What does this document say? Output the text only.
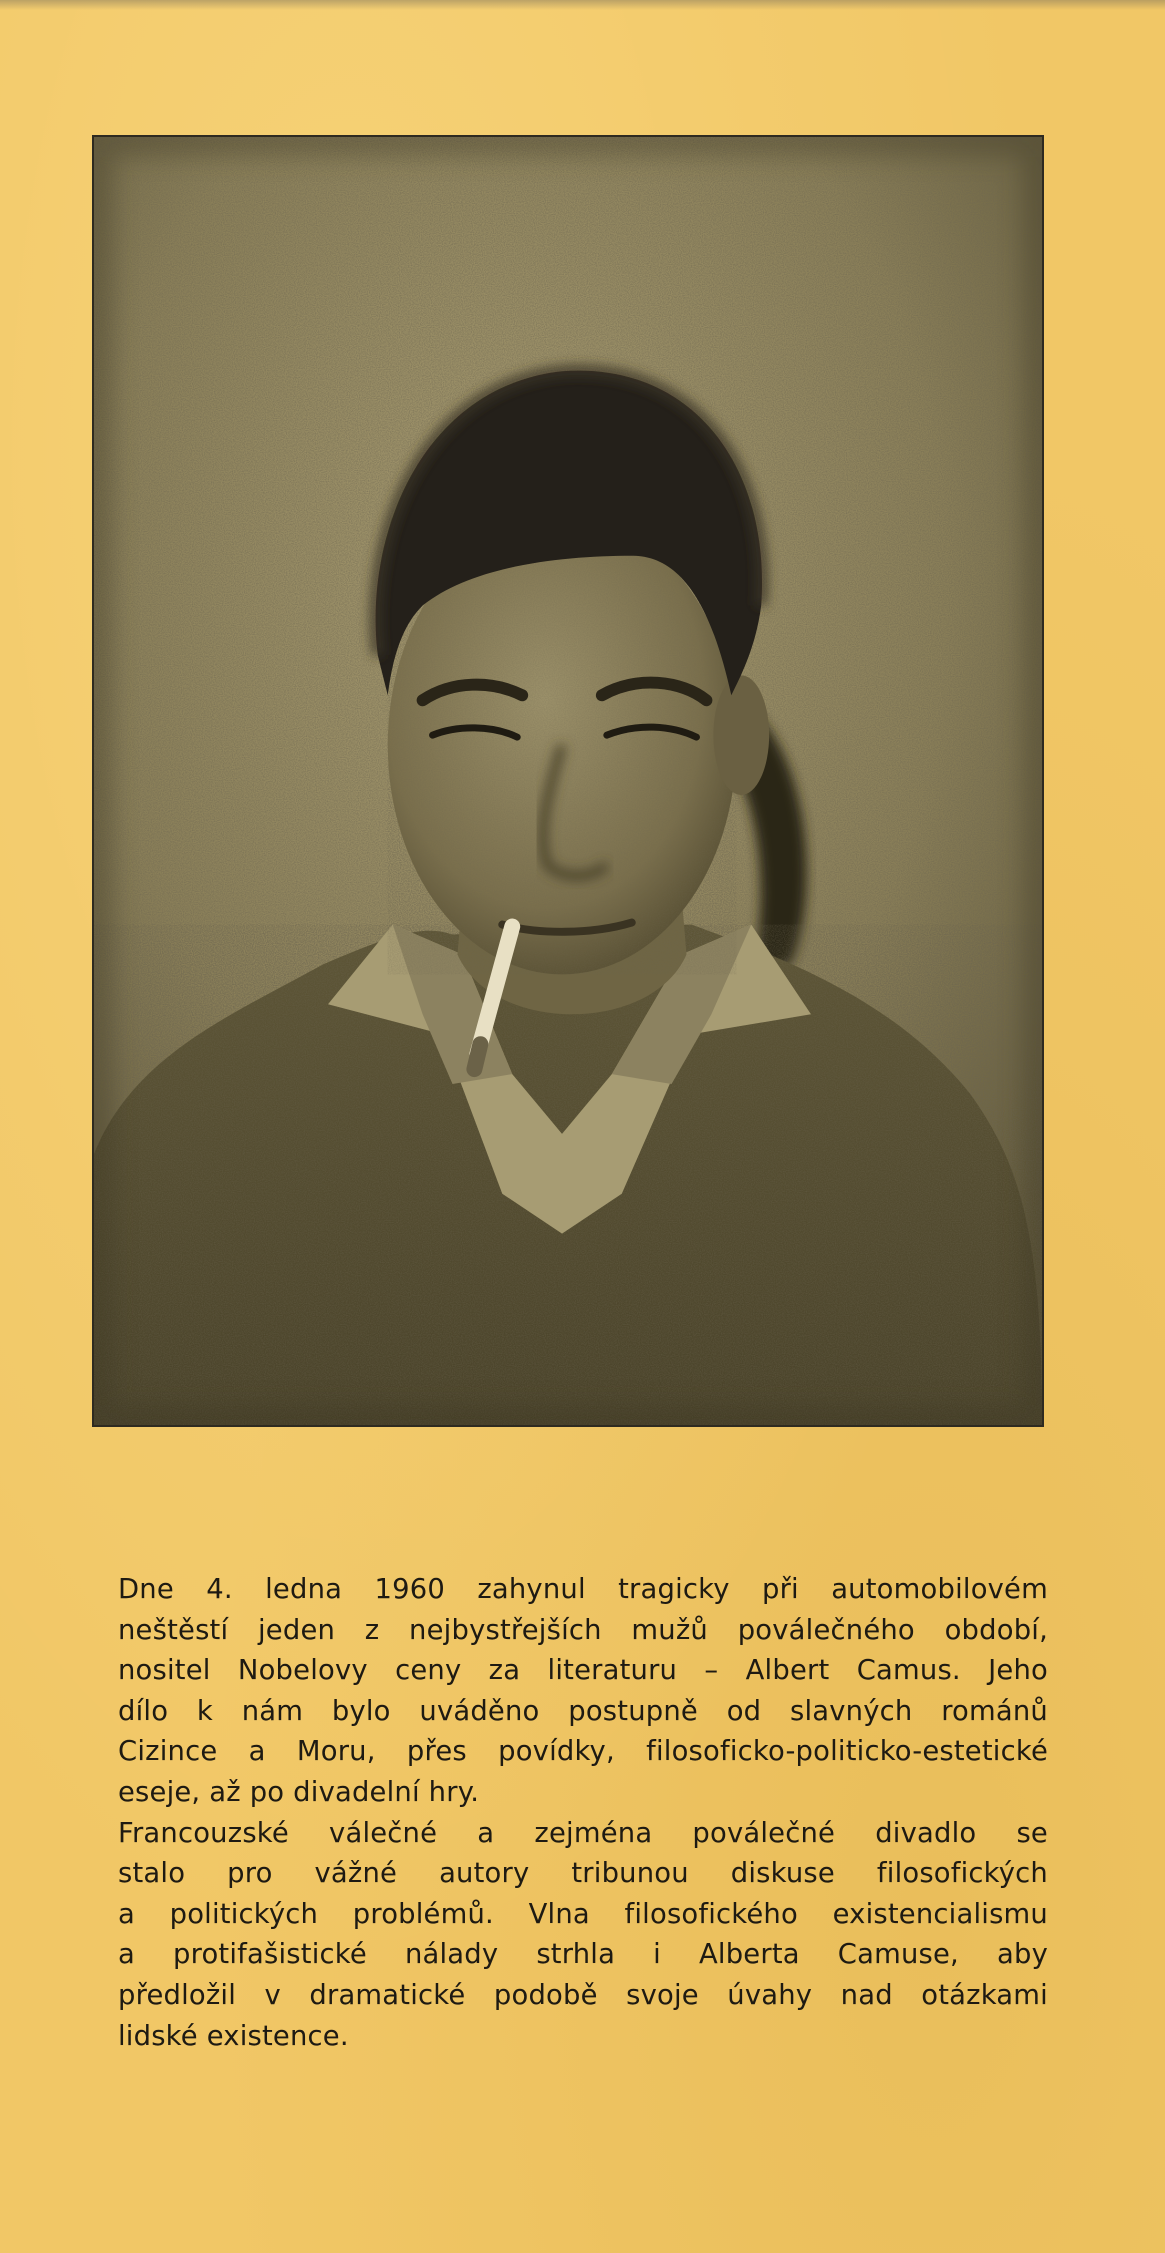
Dne 4. ledna 1960 zahynul tragicky při automobilovém
neštěstí jeden z nejbystřejších mužů poválečného období,
nositel Nobelovy ceny za literaturu – Albert Camus. Jeho
dílo k nám bylo uváděno postupně od slavných románů
Cizince a Moru, přes povídky, filosoficko-politicko-estetické
eseje, až po divadelní hry.
Francouzské válečné a zejména poválečné divadlo se
stalo pro vážné autory tribunou diskuse filosofických
a politických problémů. Vlna filosofického existencialismu
a protifašistické nálady strhla i Alberta Camuse, aby
předložil v dramatické podobě svoje úvahy nad otázkami
lidské existence.
